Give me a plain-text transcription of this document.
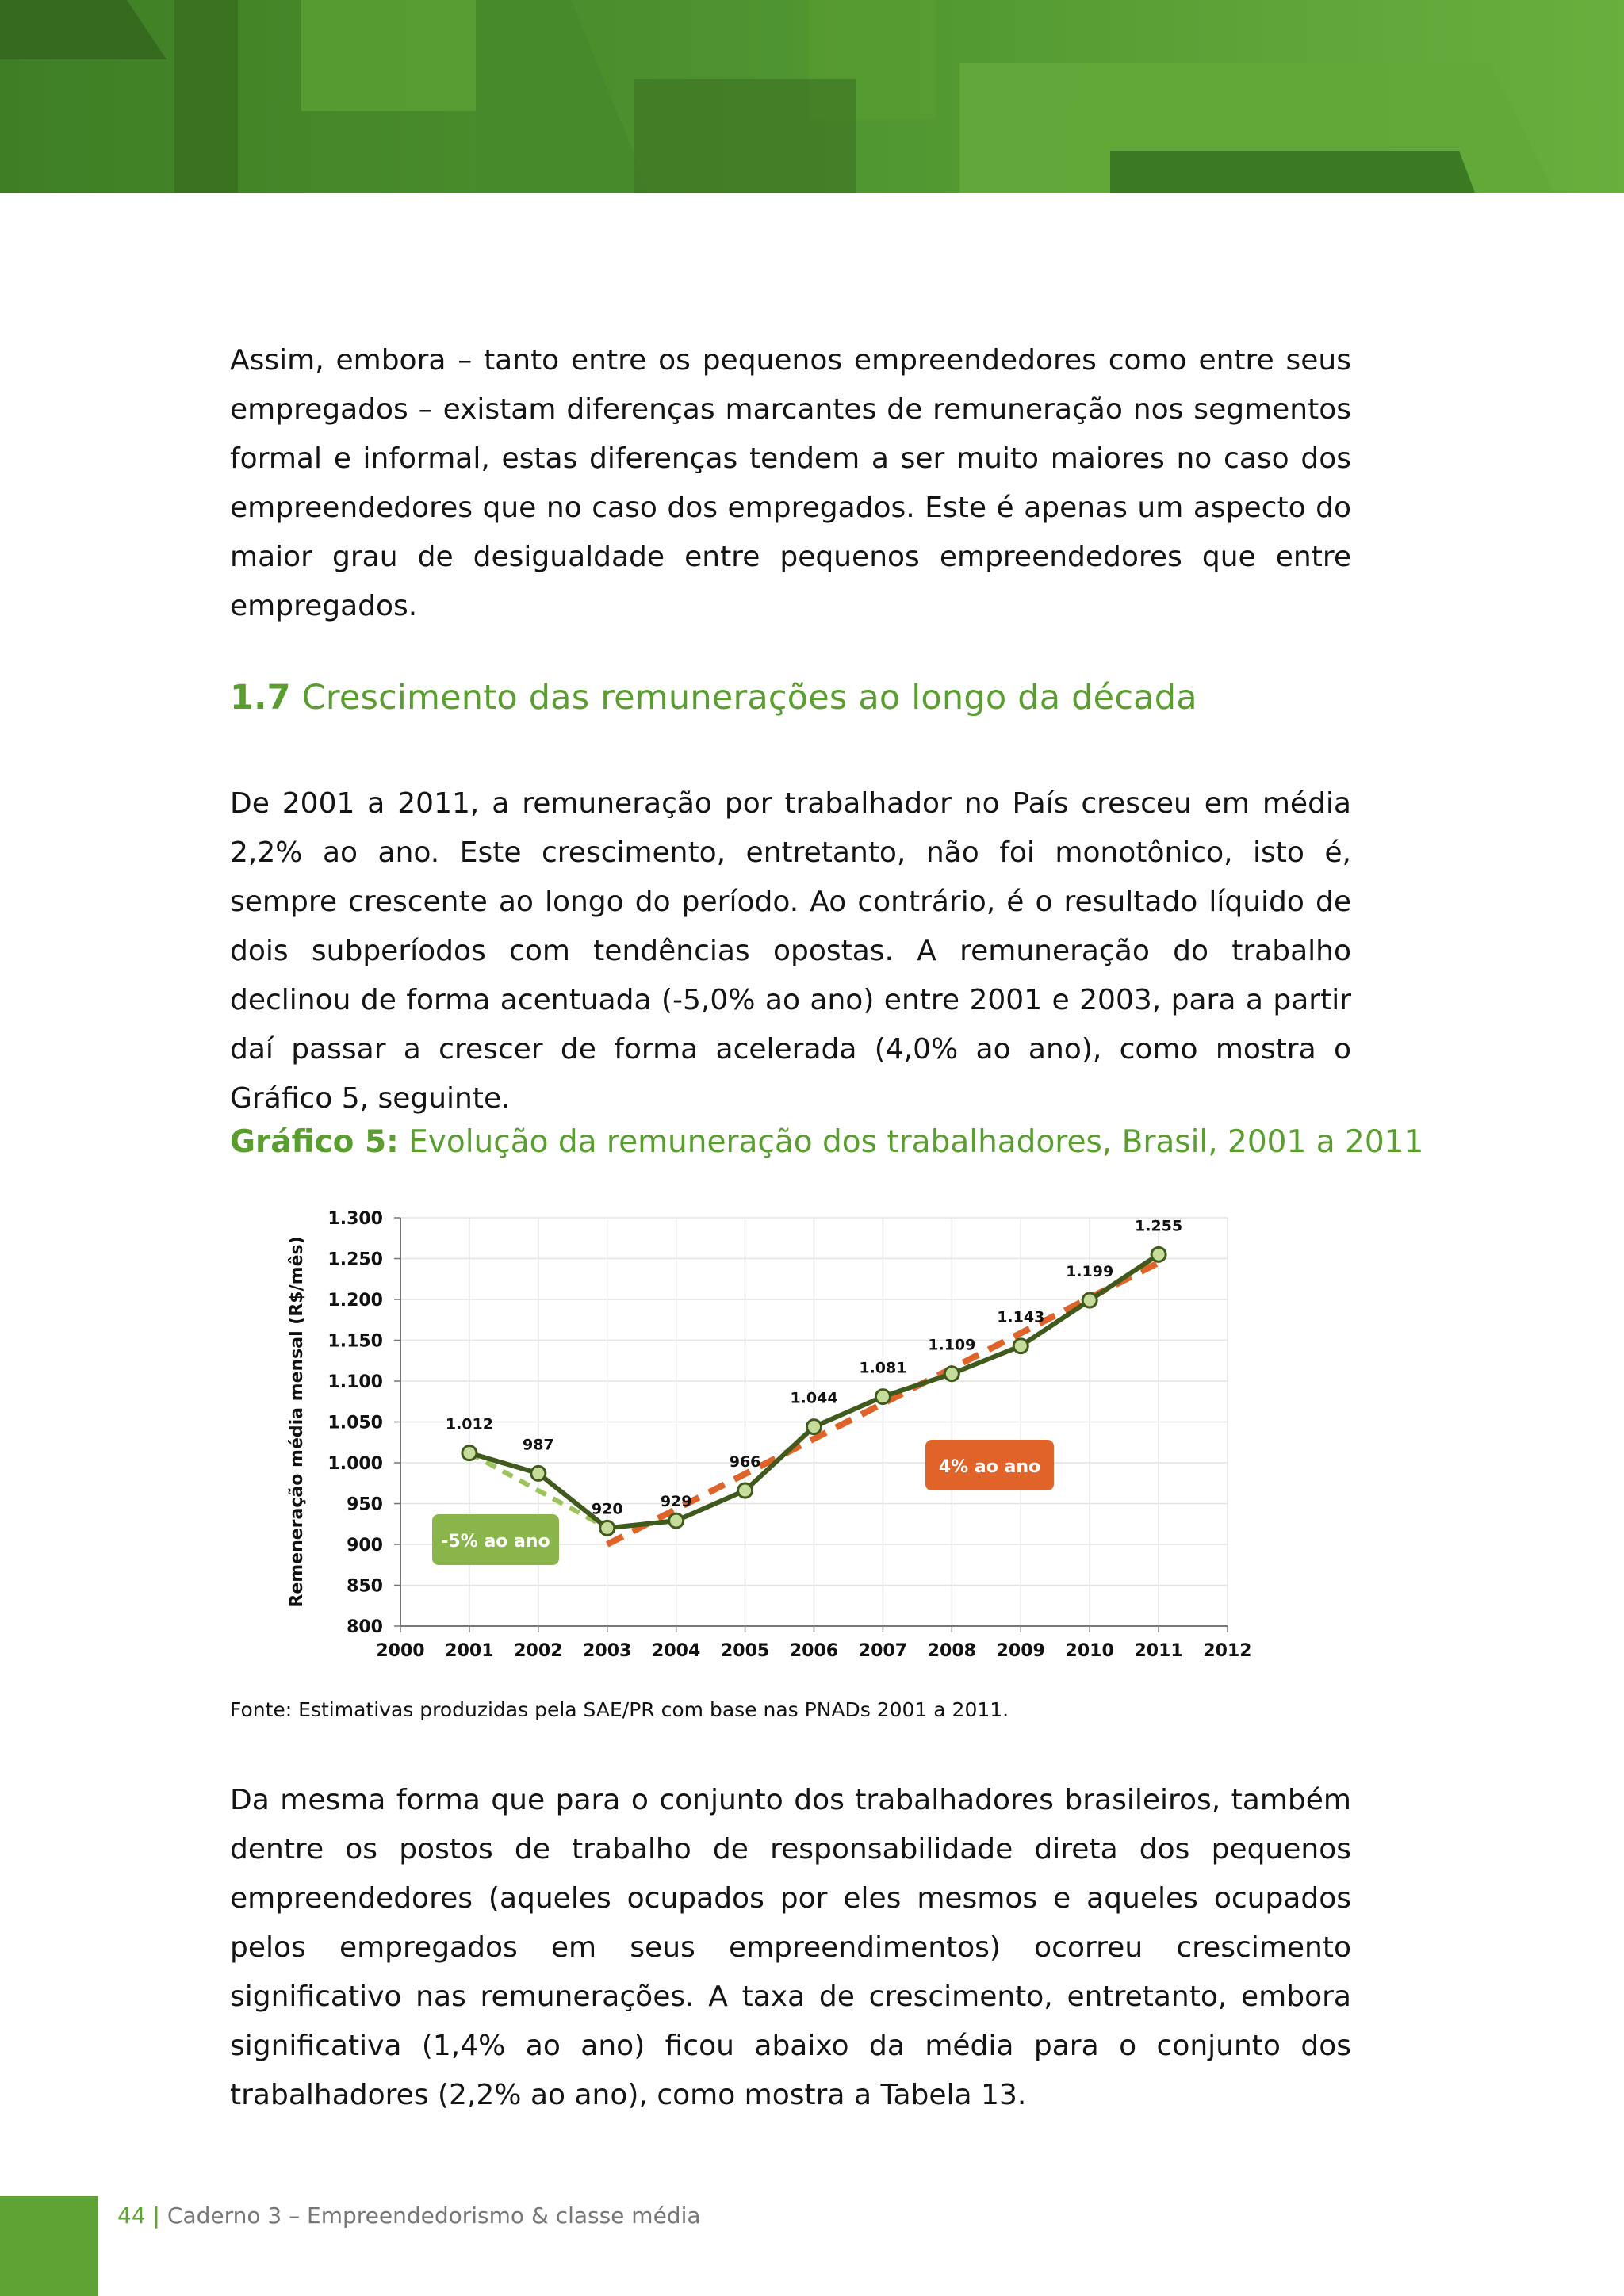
Assim, embora – tanto entre os pequenos empreendedores como entre seus empregados – existam diferenças marcantes de remuneração nos segmentos formal e informal, estas diferenças tendem a ser muito maiores no caso dos empreendedores que no caso dos empregados. Este é apenas um aspecto do maior grau de desigualdade entre pequenos empreendedores que entre empregados.

1.7 Crescimento das remunerações ao longo da década

De 2001 a 2011, a remuneração por trabalhador no País cresceu em média 2,2% ao ano. Este crescimento, entretanto, não foi monotônico, isto é, sempre crescente ao longo do período. Ao contrário, é o resultado líquido de dois subperíodos com tendências opostas. A remuneração do trabalho declinou de forma acentuada (-5,0% ao ano) entre 2001 e 2003, para a partir daí passar a crescer de forma acelerada (4,0% ao ano), como mostra o Gráfico 5, seguinte.

Gráfico 5: Evolução da remuneração dos trabalhadores, Brasil, 2001 a 2011
800
850
900
950
1.000
1.050
1.100
1.150
1.200
1.250
1.300
2000 2001 2002 2003 2004 2005 2006 2007 2008 2009 2010 2011 2012
Remeneração média mensal (R$/mês)	1.012
987
920 929
966
1.044
1.081
1.109
1.143
1.199
1.255
-5% ao ano
4% ao ano

Fonte: Estimativas produzidas pela SAE/PR com base nas PNADs 2001 a 2011.

Da mesma forma que para o conjunto dos trabalhadores brasileiros, também dentre os postos de trabalho de responsabilidade direta dos pequenos empreendedores (aqueles ocupados por eles mesmos e aqueles ocupados pelos empregados em seus empreendimentos) ocorreu crescimento significativo nas remunerações. A taxa de crescimento, entretanto, embora significativa (1,4% ao ano) ficou abaixo da média para o conjunto dos trabalhadores (2,2% ao ano), como mostra a Tabela 13.

44 | Caderno 3 – Empreendedorismo & classe média
